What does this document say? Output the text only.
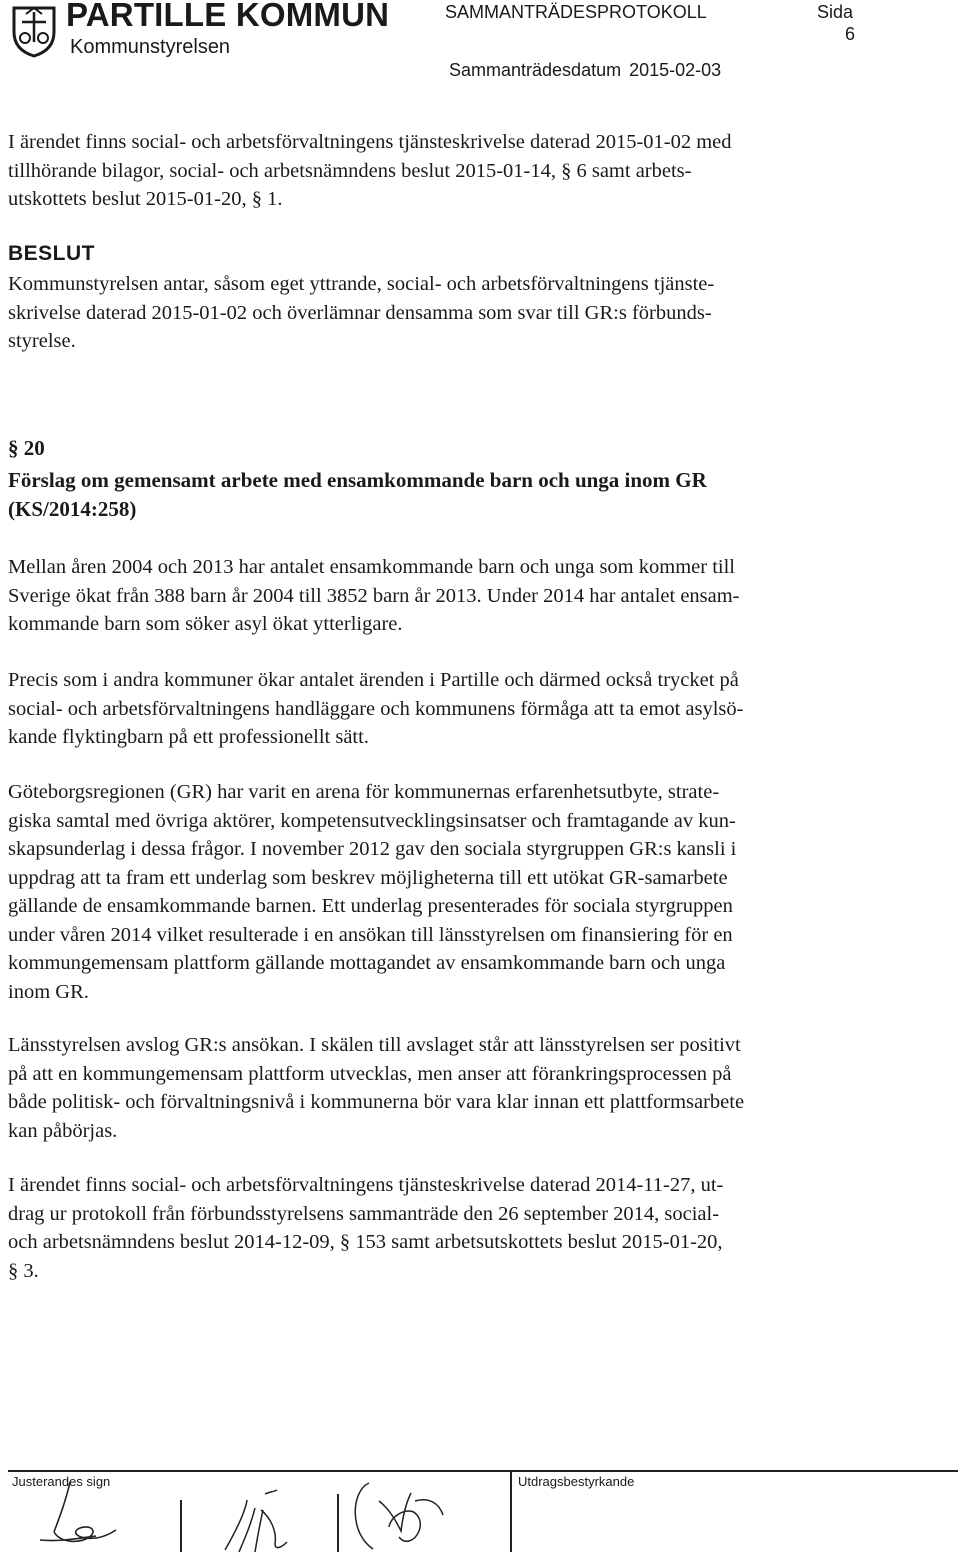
PARTILLE KOMMUN
Kommunstyrelsen
SAMMANTRÄDESPROTOKOLL	Sida
6
Sammanträdesdatum 2015-02-03

I ärendet finns social- och arbetsförvaltningens tjänsteskrivelse daterad 2015-01-02 med
tillhörande bilagor, social- och arbetsnämndens beslut 2015-01-14, § 6 samt arbets-
utskottets beslut 2015-01-20, § 1.

BESLUT

Kommunstyrelsen antar, såsom eget yttrande, social- och arbetsförvaltningens tjänste-
skrivelse daterad 2015-01-02 och överlämnar densamma som svar till GR:s förbunds-
styrelse.

§ 20
Förslag om gemensamt arbete med ensamkommande barn och unga inom GR
(KS/2014:258)

Mellan åren 2004 och 2013 har antalet ensamkommande barn och unga som kommer till
Sverige ökat från 388 barn år 2004 till 3852 barn år 2013. Under 2014 har antalet ensam-
kommande barn som söker asyl ökat ytterligare.

Precis som i andra kommuner ökar antalet ärenden i Partille och därmed också trycket på
social- och arbetsförvaltningens handläggare och kommunens förmåga att ta emot asylsö-
kande flyktingbarn på ett professionellt sätt.

Göteborgsregionen (GR) har varit en arena för kommunernas erfarenhetsutbyte, strate-
giska samtal med övriga aktörer, kompetensutvecklingsinsatser och framtagande av kun-
skapsunderlag i dessa frågor. I november 2012 gav den sociala styrgruppen GR:s kansli i
uppdrag att ta fram ett underlag som beskrev möjligheterna till ett utökat GR-samarbete
gällande de ensamkommande barnen. Ett underlag presenterades för sociala styrgruppen
under våren 2014 vilket resulterade i en ansökan till länsstyrelsen om finansiering för en
kommungemensam plattform gällande mottagandet av ensamkommande barn och unga
inom GR.

Länsstyrelsen avslog GR:s ansökan. I skälen till avslaget står att länsstyrelsen ser positivt
på att en kommungemensam plattform utvecklas, men anser att förankringsprocessen på
både politisk- och förvaltningsnivå i kommunerna bör vara klar innan ett plattformsarbete
kan påbörjas.

I ärendet finns social- och arbetsförvaltningens tjänsteskrivelse daterad 2014-11-27, ut-
drag ur protokoll från förbundsstyrelsens sammanträde den 26 september 2014, social-
och arbetsnämndens beslut 2014-12-09, § 153 samt arbetsutskottets beslut 2015-01-20,
§ 3.

Justerandes sign	Utdragsbestyrkande
